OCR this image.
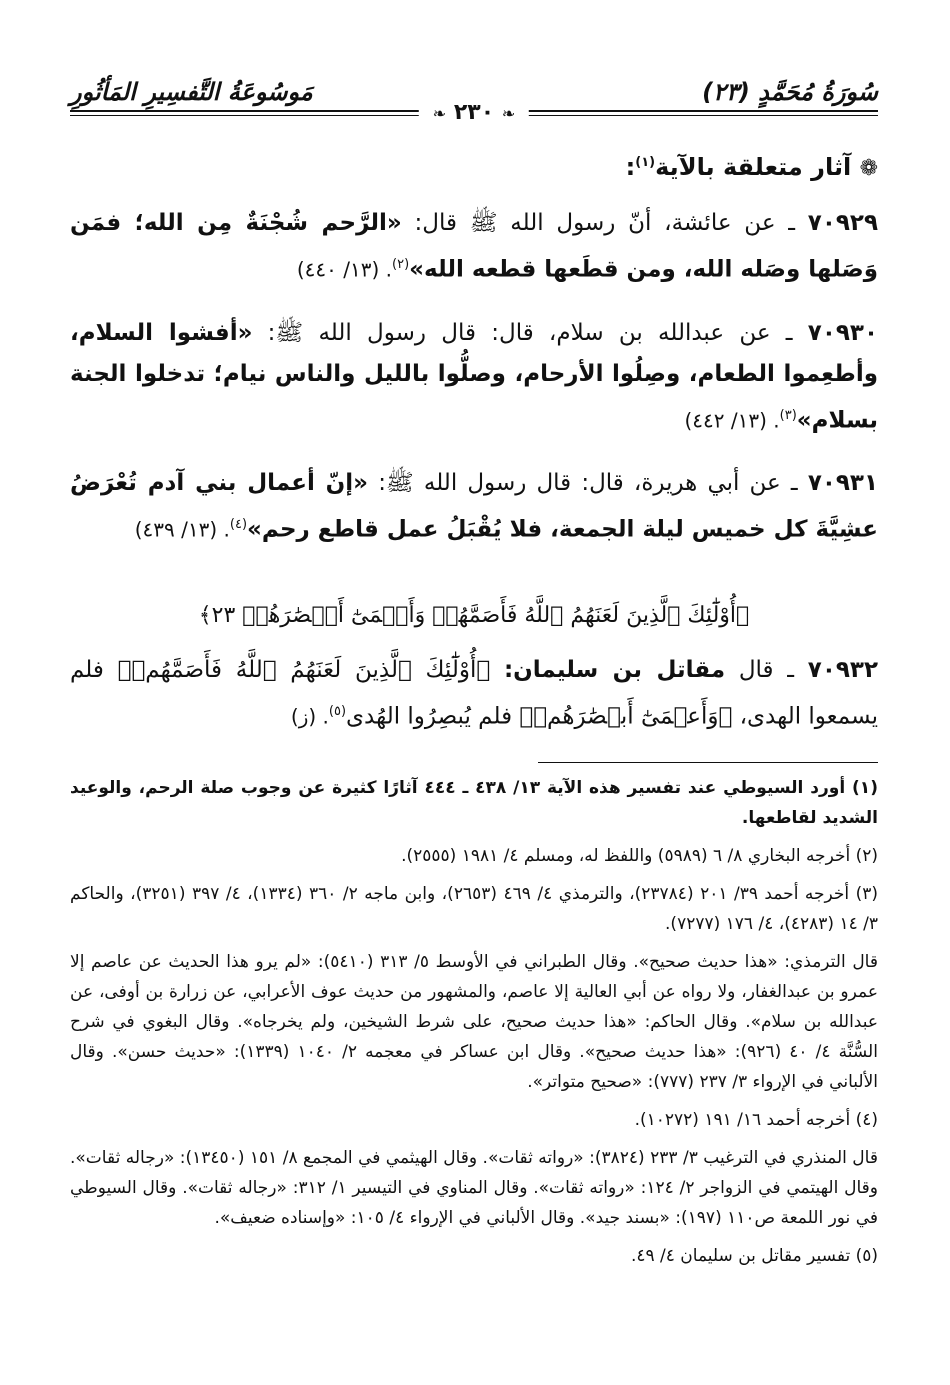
سُورَةُ مُحَمَّدٍ (٢٣)
مَوسُوعَةُ التَّفسِيرِ المَأثُورِ
❧ ٢٣٠ ❧
❁ آثار متعلقة بالآية$^{(١)}$:

٧٠٩٢٩ ـ عن عائشة، أنّ رسول الله ﷺ قال: «الرَّحم شُجْنَةٌ مِن الله؛ فمَن وَصَلها وصَله الله، ومن قطَعها قطعه الله»$^{(٢)}$. (١٣/ ٤٤٠)

٧٠٩٣٠ ـ عن عبدالله بن سلام، قال: قال رسول الله ﷺ: «أفشوا السلام، وأطعِموا الطعام، وصِلُوا الأرحام، وصلُّوا بالليل والناس نيام؛ تدخلوا الجنة بسلام»$^{(٣)}$. (١٣/ ٤٤٢)

٧٠٩٣١ ـ عن أبي هريرة، قال: قال رسول الله ﷺ: «إنّ أعمال بني آدم تُعْرَضُ عشِيَّةَ كل خميس ليلة الجمعة، فلا يُقْبَلُ عمل قاطع رحم»$^{(٤)}$. (١٣/ ٤٣٩)

﴿أُوْلَٰٓئِكَ ٱلَّذِينَ لَعَنَهُمُ ٱللَّهُ فَأَصَمَّهُمۡ وَأَعۡمَىٰٓ أَبۡصَٰرَهُمۡ ٢٣﴾

٧٠٩٣٢ ـ قال مقاتل بن سليمان: ﴿أُوْلَٰٓئِكَ ٱلَّذِينَ لَعَنَهُمُ ٱللَّهُ فَأَصَمَّهُمۡ﴾ فلم يسمعوا الهدى، ﴿وَأَعۡمَىٰٓ أَبۡصَٰرَهُمۡ﴾ فلم يُبصِرُوا الهُدى$^{(٥)}$. (ز)

(١) أورد السيوطي عند تفسير هذه الآية ١٣/ ٤٣٨ ـ ٤٤٤ آثارًا كثيرة عن وجوب صلة الرحم، والوعيد الشديد لقاطعها.

(٢) أخرجه البخاري ٨/ ٦ (٥٩٨٩) واللفظ له، ومسلم ٤/ ١٩٨١ (٢٥٥٥).

(٣) أخرجه أحمد ٣٩/ ٢٠١ (٢٣٧٨٤)، والترمذي ٤/ ٤٦٩ (٢٦٥٣)، وابن ماجه ٢/ ٣٦٠ (١٣٣٤)، ٤/ ٣٩٧ (٣٢٥١)، والحاكم ٣/ ١٤ (٤٢٨٣)، ٤/ ١٧٦ (٧٢٧٧).

قال الترمذي: «هذا حديث صحيح». وقال الطبراني في الأوسط ٥/ ٣١٣ (٥٤١٠): «لم يرو هذا الحديث عن عاصم إلا عمرو بن عبدالغفار، ولا رواه عن أبي العالية إلا عاصم، والمشهور من حديث عوف الأعرابي، عن زرارة بن أوفى، عن عبدالله بن سلام». وقال الحاكم: «هذا حديث صحيح، على شرط الشيخين، ولم يخرجاه». وقال البغوي في شرح السُّنَّة ٤/ ٤٠ (٩٢٦): «هذا حديث صحيح». وقال ابن عساكر في معجمه ٢/ ١٠٤٠ (١٣٣٩): «حديث حسن». وقال الألباني في الإرواء ٣/ ٢٣٧ (٧٧٧): «صحيح متواتر».

(٤) أخرجه أحمد ١٦/ ١٩١ (١٠٢٧٢).

قال المنذري في الترغيب ٣/ ٢٣٣ (٣٨٢٤): «رواته ثقات». وقال الهيثمي في المجمع ٨/ ١٥١ (١٣٤٥٠): «رجاله ثقات». وقال الهيتمي في الزواجر ٢/ ١٢٤: «رواته ثقات». وقال المناوي في التيسير ١/ ٣١٢: «رجاله ثقات». وقال السيوطي في نور اللمعة ص١١٠ (١٩٧): «بسند جيد». وقال الألباني في الإرواء ٤/ ١٠٥: «وإسناده ضعيف».

(٥) تفسير مقاتل بن سليمان ٤/ ٤٩.
